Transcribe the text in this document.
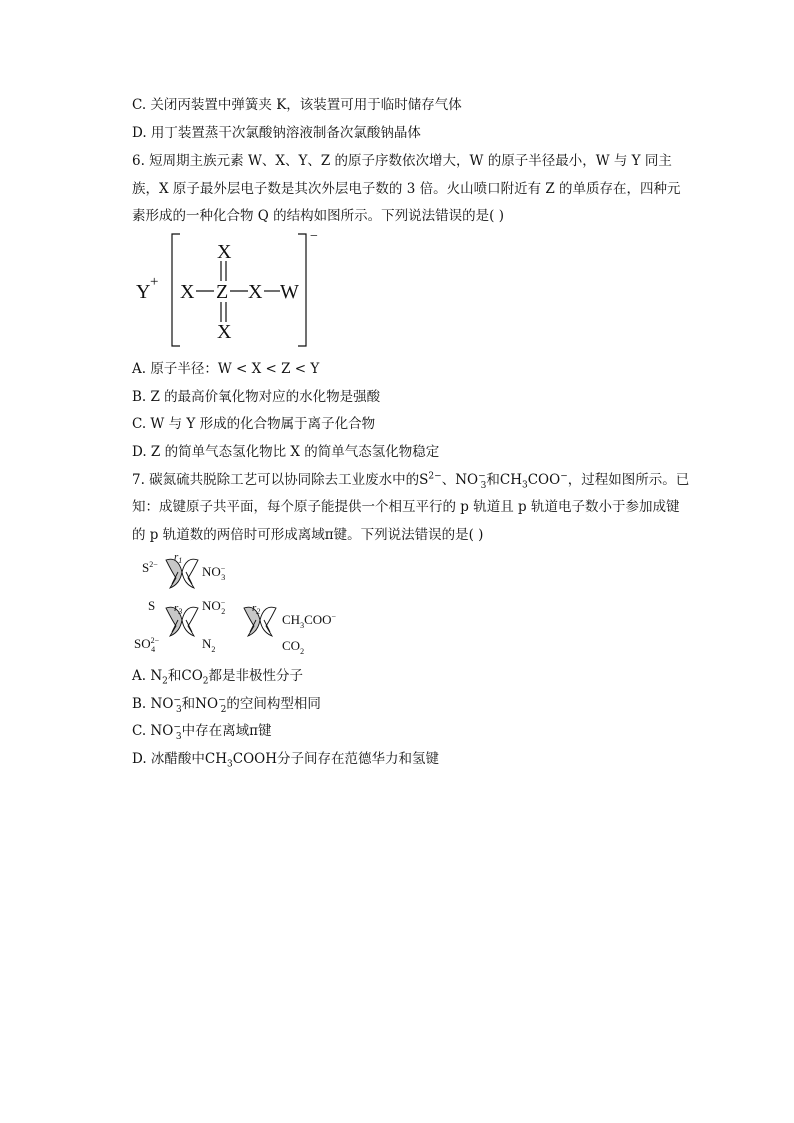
C. 关闭丙装置中弹簧夹 K，该装置可用于临时储存气体
D. 用丁装置蒸干次氯酸钠溶液制备次氯酸钠晶体
6. 短周期主族元素 W、X、Y、Z 的原子序数依次增大，W 的原子半径最小，W 与 Y 同主
族，X 原子最外层电子数是其次外层电子数的 3 倍。火山喷口附近有 Z 的单质存在，四种元
素形成的一种化合物 Q 的结构如图所示。下列说法错误的是( )
Y +
−
X
X Z X W
X
A. 原子半径：W < X < Z < Y
B. Z 的最高价氧化物对应的水化物是强酸
C. W 与 Y 形成的化合物属于离子化合物
D. Z 的简单气态氢化物比 X 的简单气态氢化物稳定
7. 碳氮硫共脱除工艺可以协同除去工业废水中的$S^{2-}$、$NO^-_3$和$CH_3COO^-$，过程如图所示。已
知：成键原子共平面，每个原子能提供一个相互平行的 p 轨道且 p 轨道电子数小于参加成键
的 p 轨道数的两倍时可形成离域π键。下列说法错误的是( )
$r_1$
$S^{2-}$	NO− 3
$r_3$
S	NO− 2
$SO^{2-}$ 4	$N_2$
$r_2$
$CH_3COO^-$
$CO_2$
A. $N_2$和$CO_2$都是非极性分子
B. $NO^-_3$和$NO^-_2$的空间构型相同
C. $NO^-_3$中存在离域π键
D. 冰醋酸中$CH_3COOH$分子间存在范德华力和氢键
